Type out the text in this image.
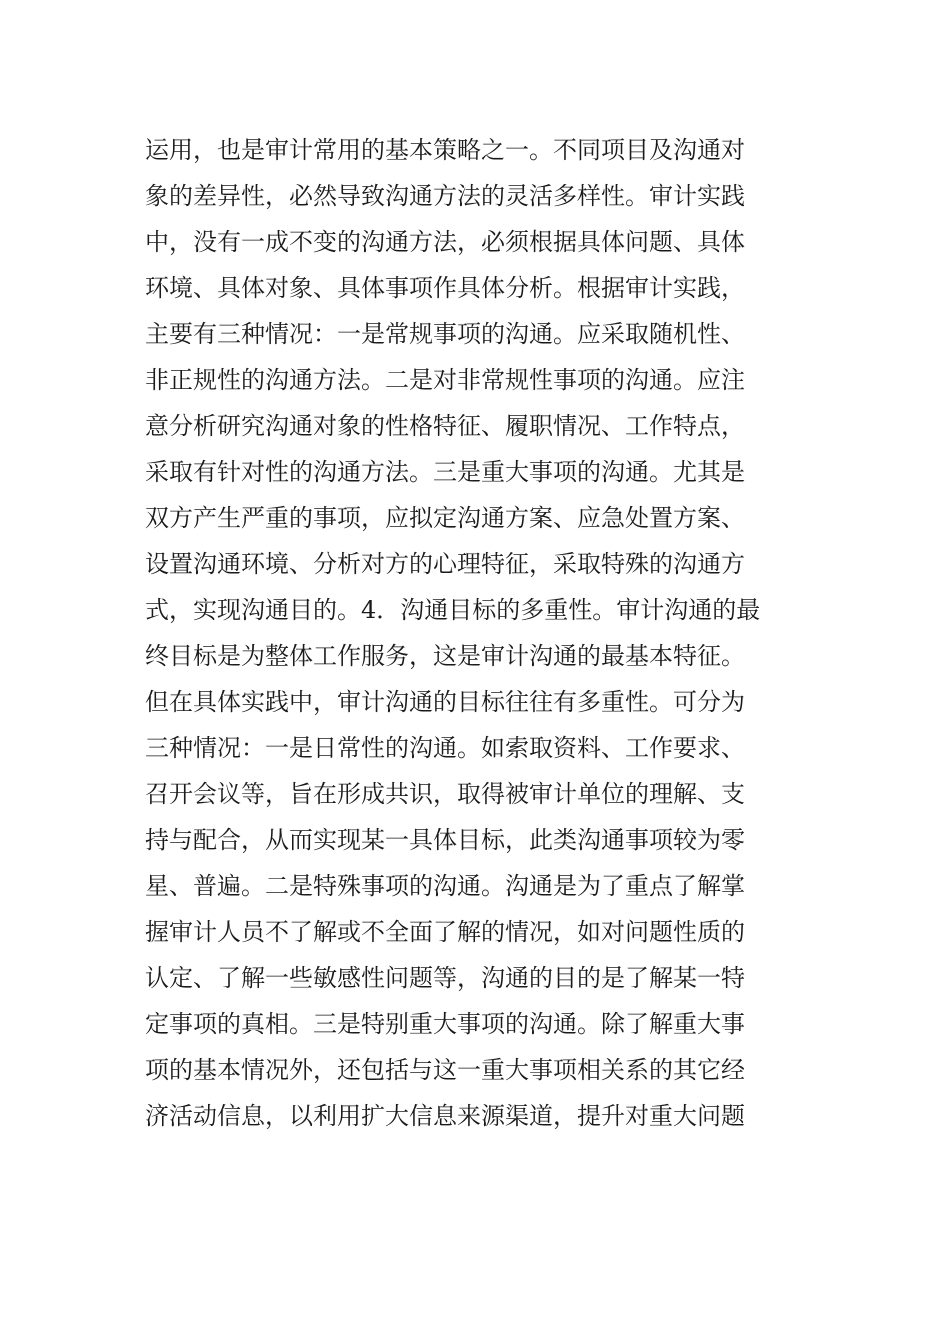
运用，也是审计常用的基本策略之一。不同项目及沟通对
象的差异性，必然导致沟通方法的灵活多样性。审计实践
中，没有一成不变的沟通方法，必须根据具体问题、具体
环境、具体对象、具体事项作具体分析。根据审计实践，
主要有三种情况：一是常规事项的沟通。应采取随机性、
非正规性的沟通方法。二是对非常规性事项的沟通。应注
意分析研究沟通对象的性格特征、履职情况、工作特点，
采取有针对性的沟通方法。三是重大事项的沟通。尤其是
双方产生严重的事项，应拟定沟通方案、应急处置方案、
设置沟通环境、分析对方的心理特征，采取特殊的沟通方
式，实现沟通目的。4．沟通目标的多重性。审计沟通的最
终目标是为整体工作服务，这是审计沟通的最基本特征。
但在具体实践中，审计沟通的目标往往有多重性。可分为
三种情况：一是日常性的沟通。如索取资料、工作要求、
召开会议等，旨在形成共识，取得被审计单位的理解、支
持与配合，从而实现某一具体目标，此类沟通事项较为零
星、普遍。二是特殊事项的沟通。沟通是为了重点了解掌
握审计人员不了解或不全面了解的情况，如对问题性质的
认定、了解一些敏感性问题等，沟通的目的是了解某一特
定事项的真相。三是特别重大事项的沟通。除了解重大事
项的基本情况外，还包括与这一重大事项相关系的其它经
济活动信息，以利用扩大信息来源渠道，提升对重大问题
